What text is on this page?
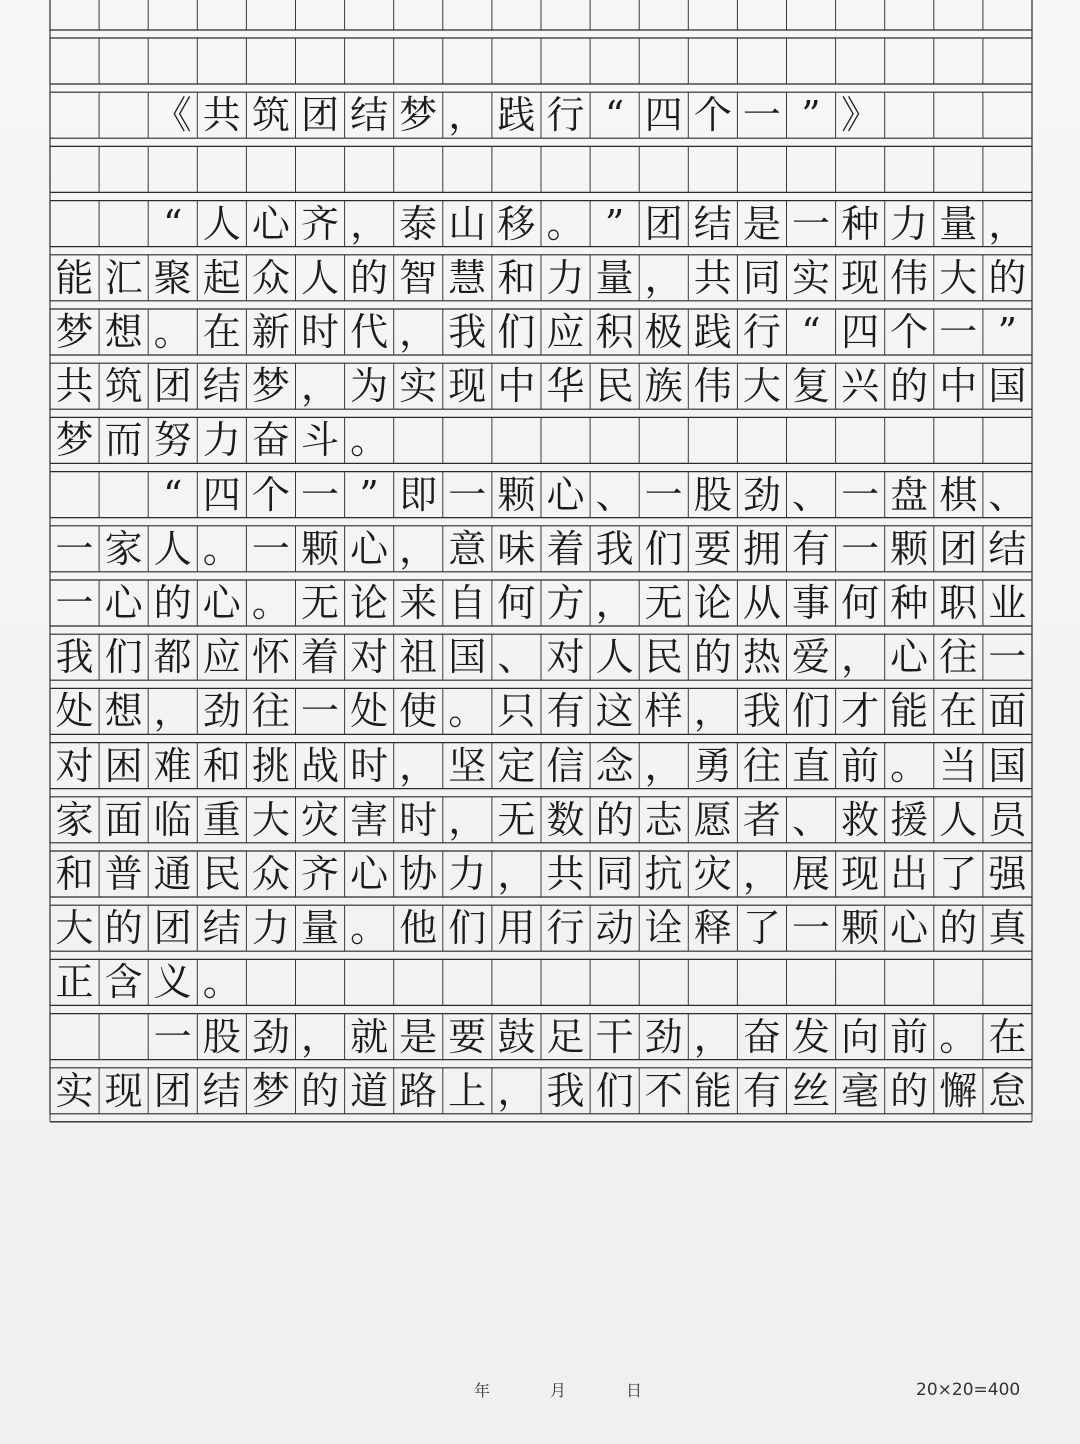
《 共 筑 团 结 梦 ， 践 行 “ 四 个 一 ” 》
“ 人 心 齐 ， 泰 山 移 。 ” 团 结 是 一 种 力 量 ，
能 汇 聚 起 众 人 的 智 慧 和 力 量 ， 共 同 实 现 伟 大 的
梦 想 。 在 新 时 代 ， 我 们 应 积 极 践 行 “ 四 个 一 ”
共 筑 团 结 梦 ， 为 实 现 中 华 民 族 伟 大 复 兴 的 中 国
梦 而 努 力 奋 斗 。
“ 四 个 一 ” 即 一 颗 心 、 一 股 劲 、 一 盘 棋 、
一 家 人 。 一 颗 心 ， 意 味 着 我 们 要 拥 有 一 颗 团 结
一 心 的 心 。 无 论 来 自 何 方 ， 无 论 从 事 何 种 职 业
我 们 都 应 怀 着 对 祖 国 、 对 人 民 的 热 爱 ， 心 往 一
处 想 ， 劲 往 一 处 使 。 只 有 这 样 ， 我 们 才 能 在 面
对 困 难 和 挑 战 时 ， 坚 定 信 念 ， 勇 往 直 前 。 当 国
家 面 临 重 大 灾 害 时 ， 无 数 的 志 愿 者 、 救 援 人 员
和 普 通 民 众 齐 心 协 力 ， 共 同 抗 灾 ， 展 现 出 了 强
大 的 团 结 力 量 。 他 们 用 行 动 诠 释 了 一 颗 心 的 真
正 含 义 。
一 股 劲 ， 就 是 要 鼓 足 干 劲 ， 奋 发 向 前 。 在
实 现 团 结 梦 的 道 路 上 ， 我 们 不 能 有 丝 毫 的 懈 怠
年	月	日	20×20=400
